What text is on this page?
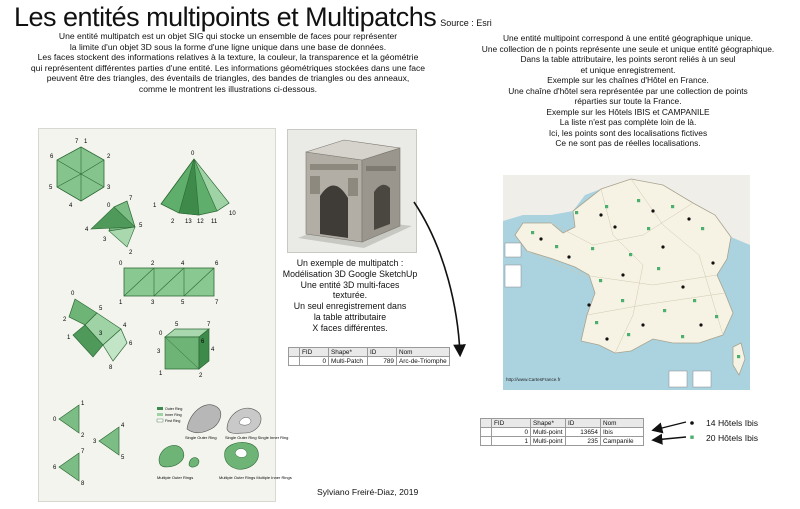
Les entités multipoints et Multipatchs Source : Esri
Une entité multipatch est un objet SIG qui stocke un ensemble de faces pour représenter
la limite d'un objet 3D sous la forme d'une ligne unique dans une base de données.
Les faces stockent des informations relatives à la texture, la couleur, la transparence et la géométrie
qui représentent différentes parties d'une entité. Les informations géométriques stockées dans une face
peuvent être des triangles, des éventails de triangles, des bandes de triangles ou des anneaux,
comme le montrent les illustrations ci-dessous.
Une entité multipoint correspond à une entité géographique unique.
Une collection de n points représente une seule et unique entité géographique.
Dans la table attributaire, les points seront reliés à un seul
et unique enregistrement.
Exemple sur les chaînes d'Hôtel en France.
Une chaîne d'hôtel sera représentée par une collection de points
réparties sur toute la France.
Exemple sur les Hôtels IBIS et CAMPANILE
La liste n'est pas complète loin de là.
Ici, les points sont des localisations fictives
Ce ne sont pas de réelles localisations.
7 1
6	2
5	3
4
0
1
2 13 12 11
10
0
7
5
4
2
3
0	2	4	6
1	3	5	7
0
5
2
4
1
3
6
8
0
5	7
6
3	4
1	2
0
1
2
3
4
5
6
7
8
Outer Ring
Inner Ring
First Ring
Single Outer Ring Single Outer Ring Single Inner Ring
Multiple Outer Rings	Multiple Outer Rings Multiple Inner Rings
Un exemple de multipatch :
Modélisation 3D Google SketchUp
Une entité 3D multi-faces
texturée.
Un seul enregistrement dans
la table attributaire
X faces différentes.
	FID	Shape*	ID	Nom
	0	Multi-Patch	789	Arc-de-Triomphe
http://www.CartesFrance.fr
	FID	Shape*	ID	Nom
	0	Multi-point	13654	Ibis
	1	Multi-point	235	Campanile
14 Hôtels Ibis
20 Hôtels Ibis
Sylviano Freiré-Diaz, 2019
